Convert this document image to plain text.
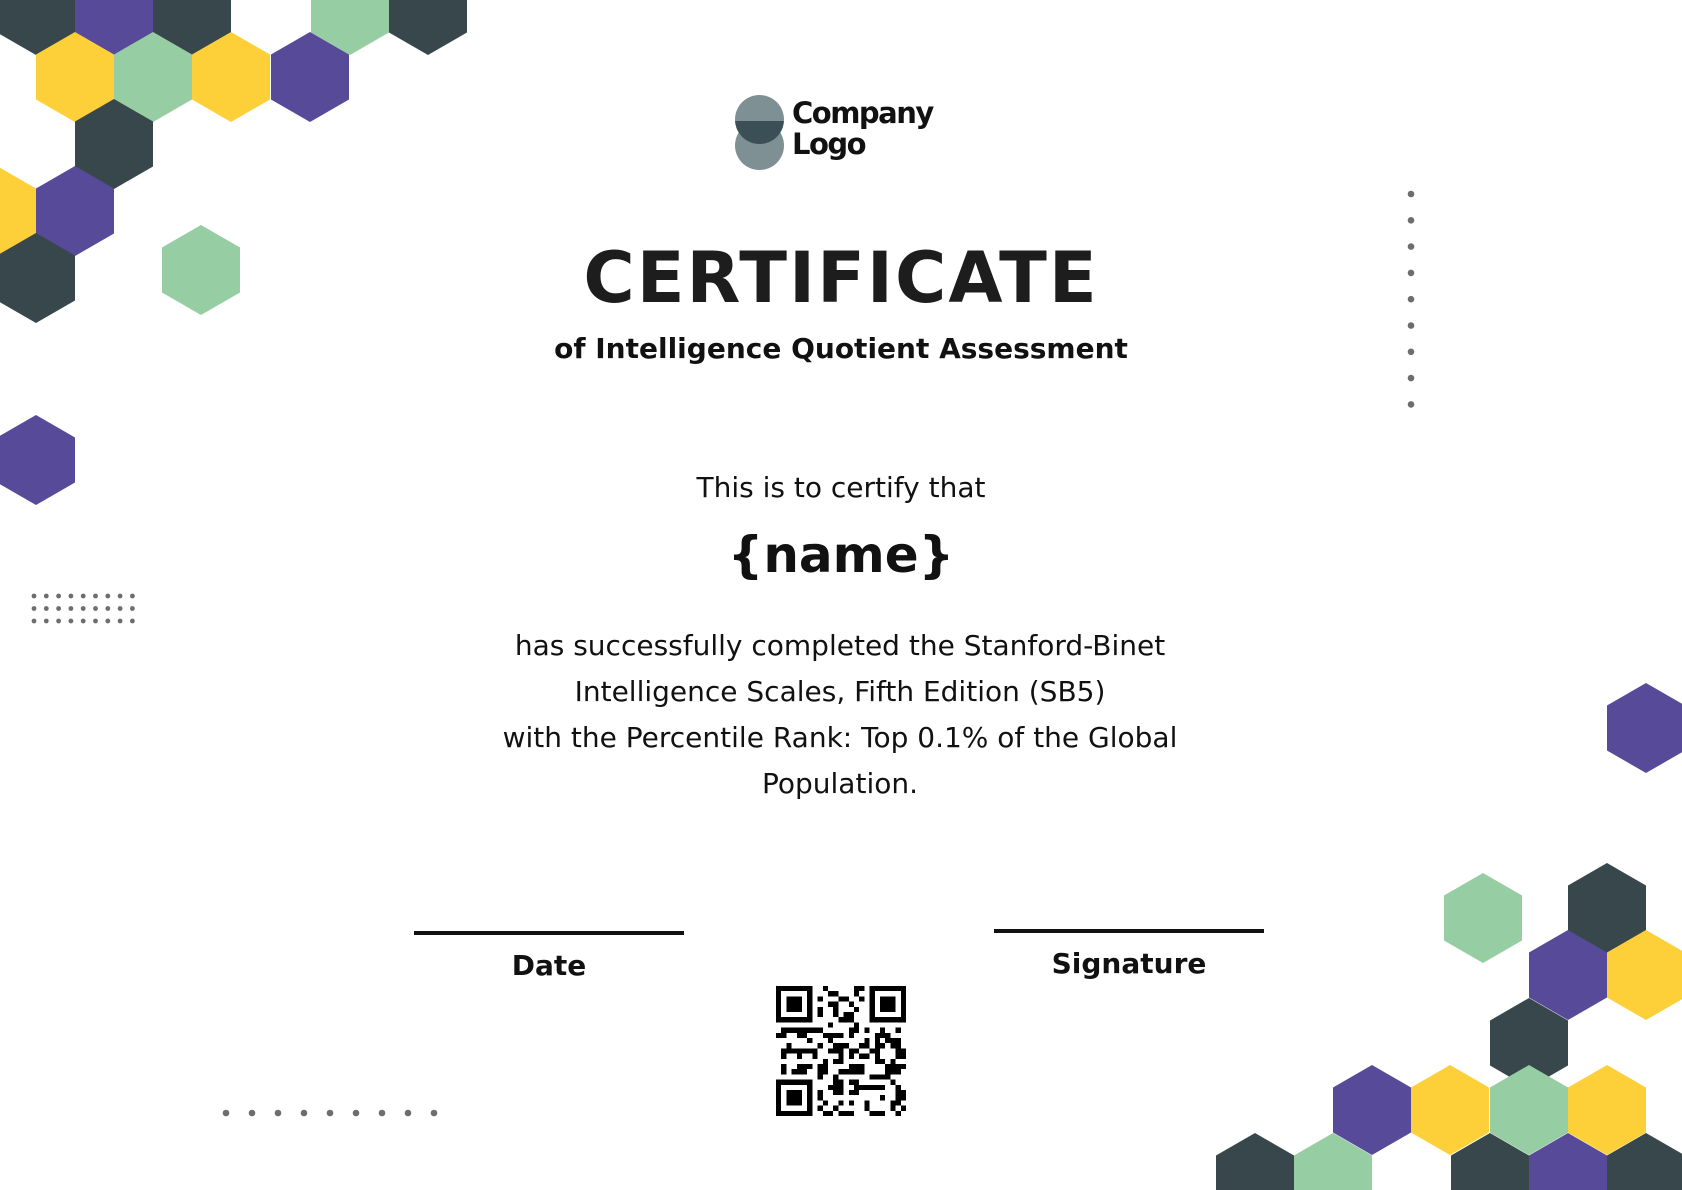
Company
Logo
CERTIFICATE
of Intelligence Quotient Assessment
This is to certify that
{name}
has successfully completed the Stanford-Binet
Intelligence Scales, Fifth Edition (SB5)
with the Percentile Rank: Top 0.1% of the Global
Population.
Date	Signature
